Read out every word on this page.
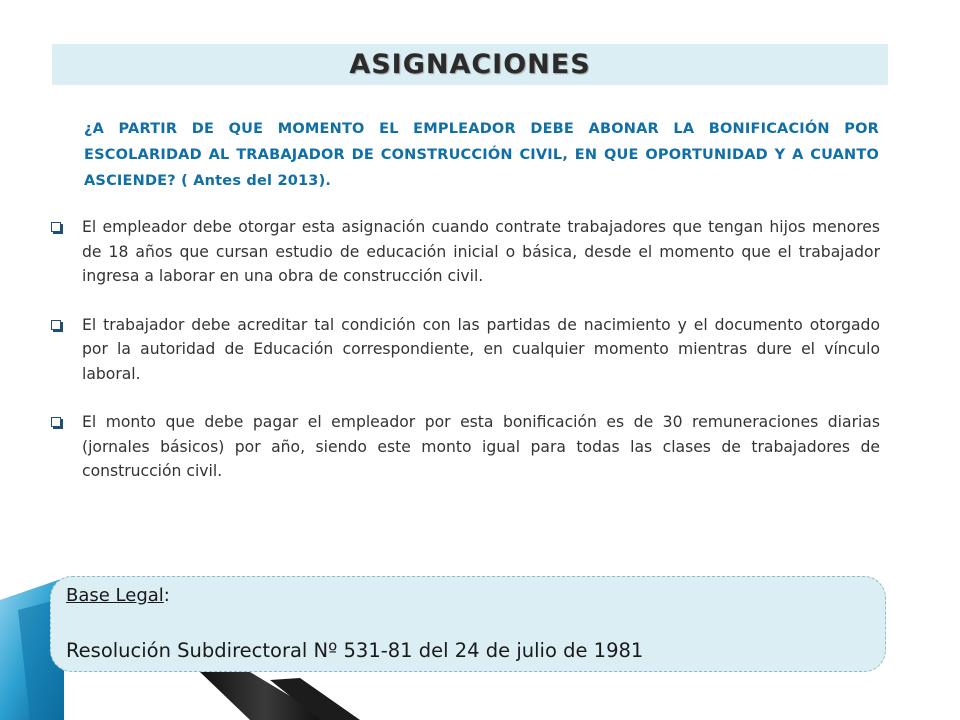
ASIGNACIONES
¿A PARTIR DE QUE MOMENTO EL EMPLEADOR DEBE ABONAR LA BONIFICACIÓN POR ESCOLARIDAD AL TRABAJADOR DE CONSTRUCCIÓN CIVIL, EN QUE OPORTUNIDAD Y A CUANTO ASCIENDE? ( Antes del 2013).
El empleador debe otorgar esta asignación cuando contrate trabajadores que tengan hijos menores de 18 años que cursan estudio de educación inicial o básica, desde el momento que el trabajador ingresa a laborar en una obra de construcción civil.
El trabajador debe acreditar tal condición con las partidas de nacimiento y el documento otorgado por la autoridad de Educación correspondiente, en cualquier momento mientras dure el vínculo laboral.
El monto que debe pagar el empleador por esta bonificación es de 30 remuneraciones diarias (jornales básicos) por año, siendo este monto igual para todas las clases de trabajadores de construcción civil.
Base Legal:
Resolución Subdirectoral Nº 531-81 del 24 de julio de 1981
